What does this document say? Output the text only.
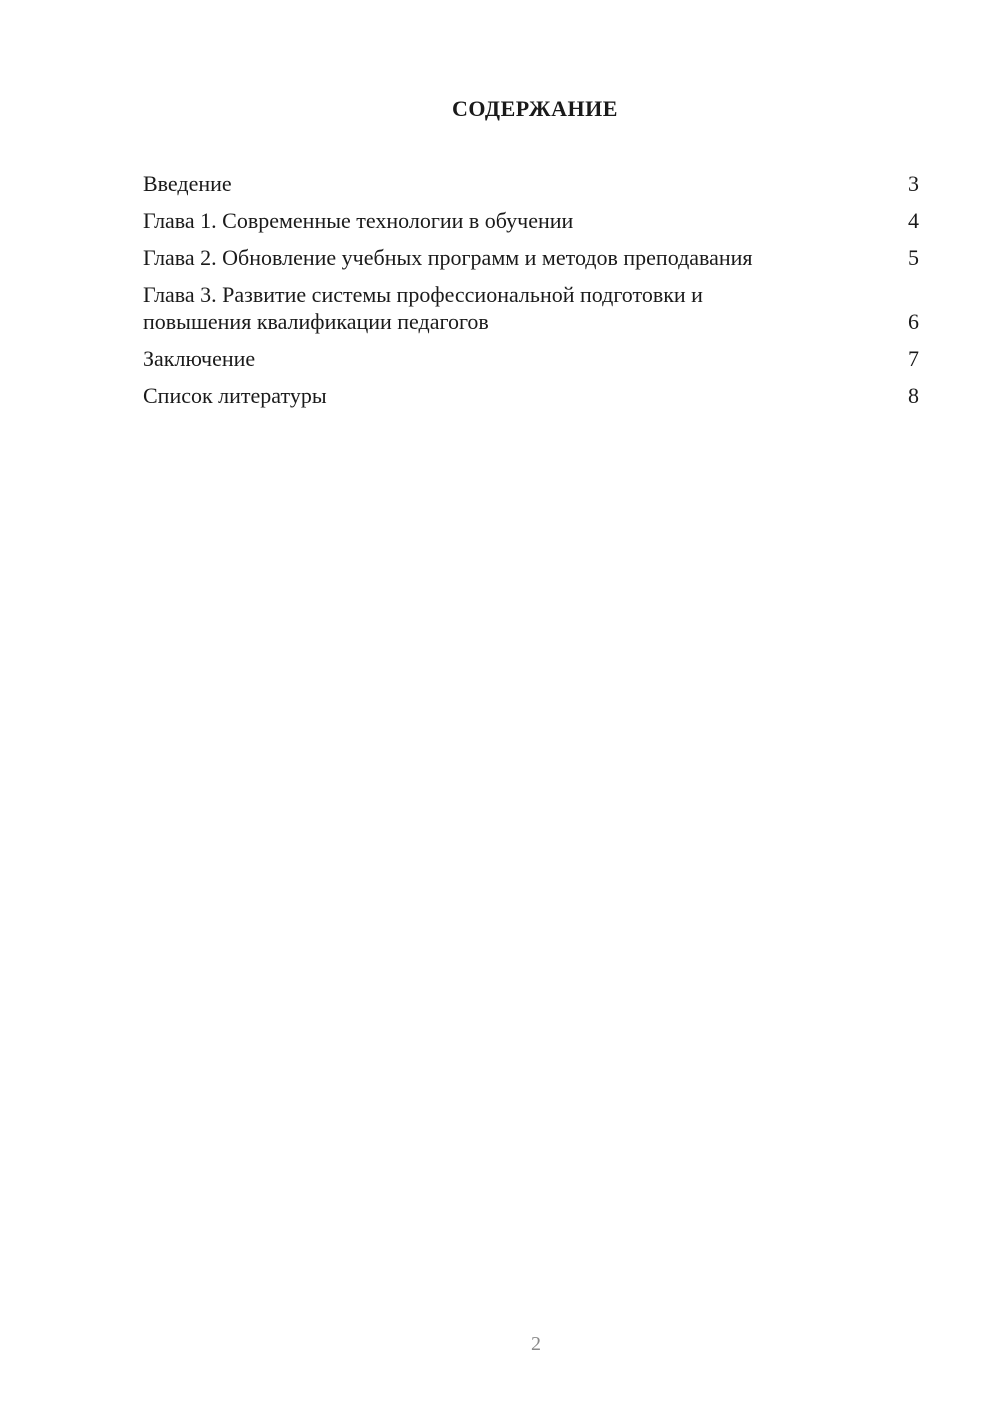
СОДЕРЖАНИЕ
Введение	3
Глава 1. Современные технологии в обучении	4
Глава 2. Обновление учебных программ и методов преподавания	5
Глава 3. Развитие системы профессиональной подготовки и повышения квалификации педагогов	6
Заключение	7
Список литературы	8
2
